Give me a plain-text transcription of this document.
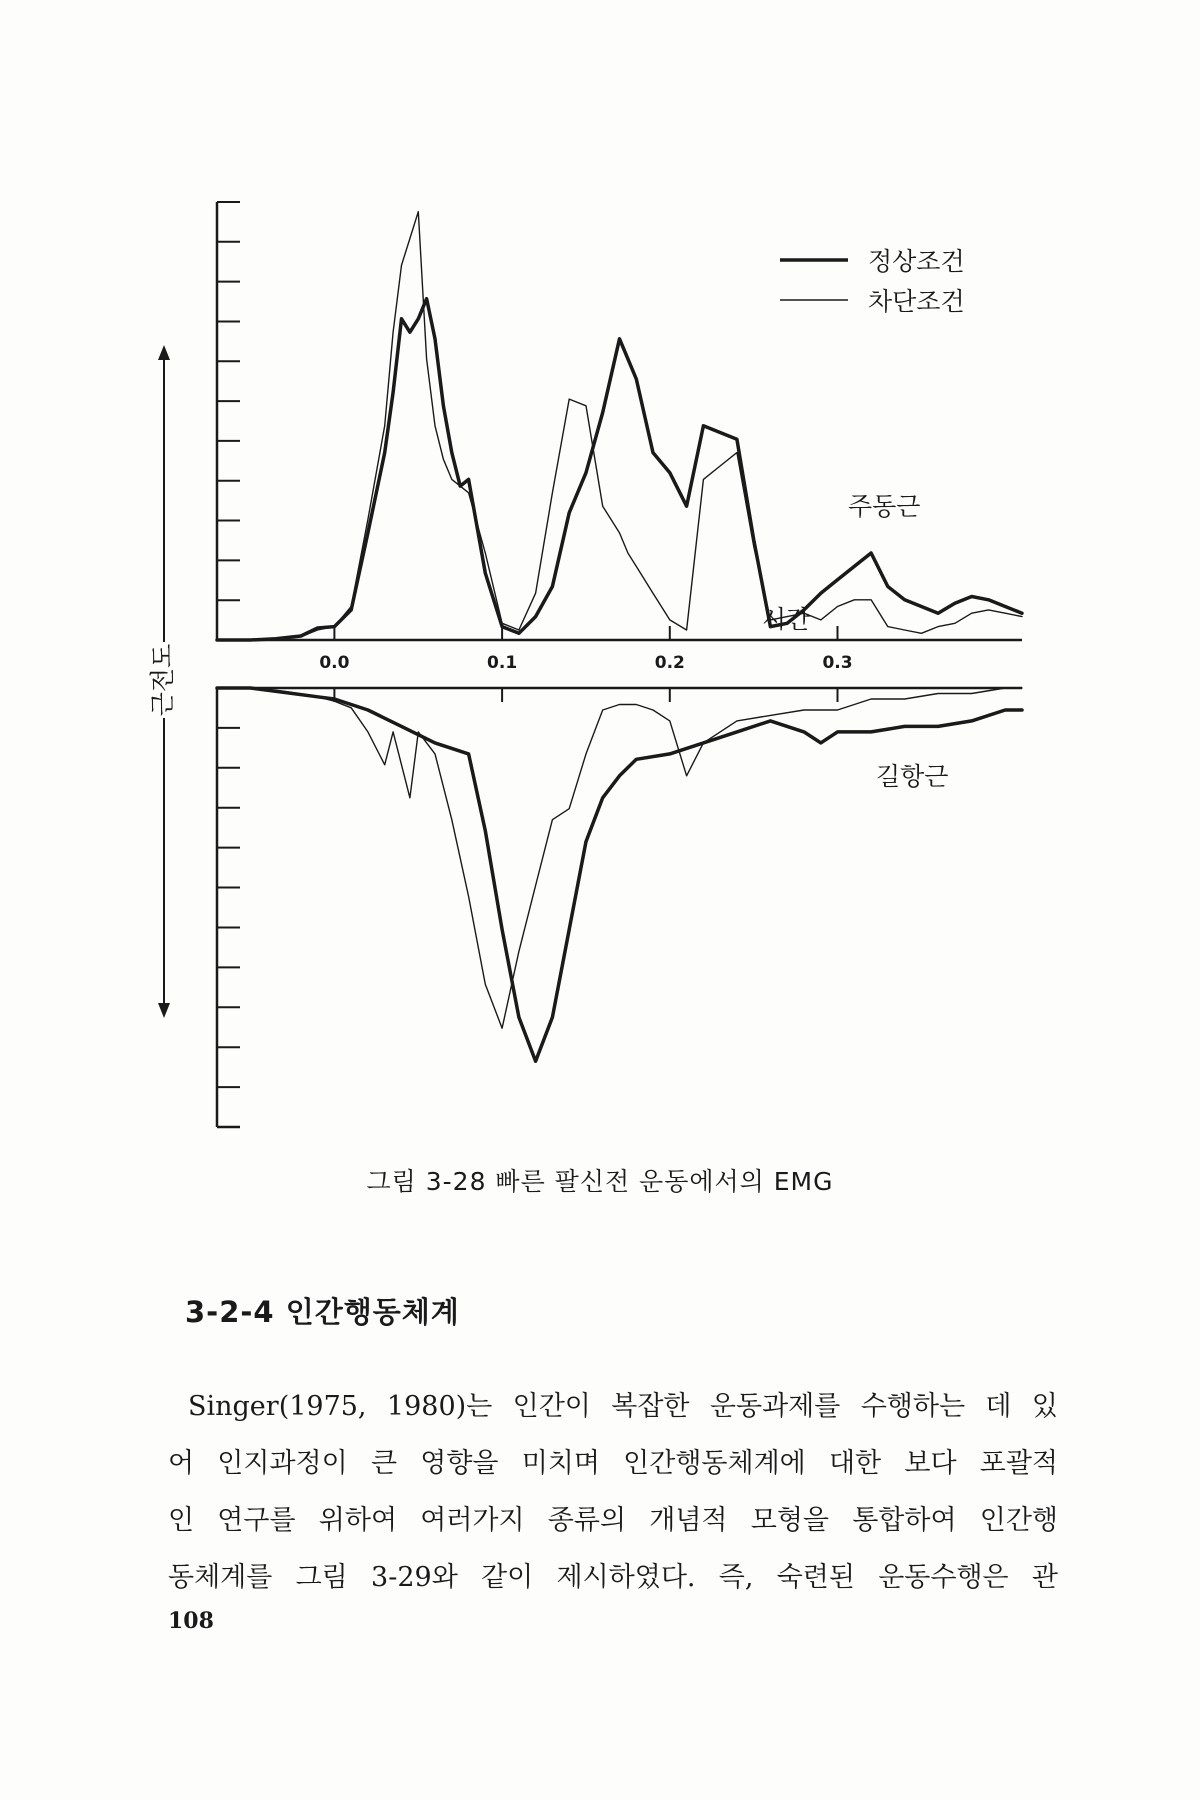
0.0	0.1	0.2	0.3
정상조건
차단조건
주동근
시간
길항근
근전도
그림 3-28 빠른 팔신전 운동에서의 EMG
3-2-4 인간행동체계
Singer(1975, 1980)는 인간이 복잡한 운동과제를 수행하는 데 있
어 인지과정이 큰 영향을 미치며 인간행동체계에 대한 보다 포괄적
인 연구를 위하여 여러가지 종류의 개념적 모형을 통합하여 인간행
동체계를 그림 3-29와 같이 제시하였다. 즉, 숙련된 운동수행은 관
108
